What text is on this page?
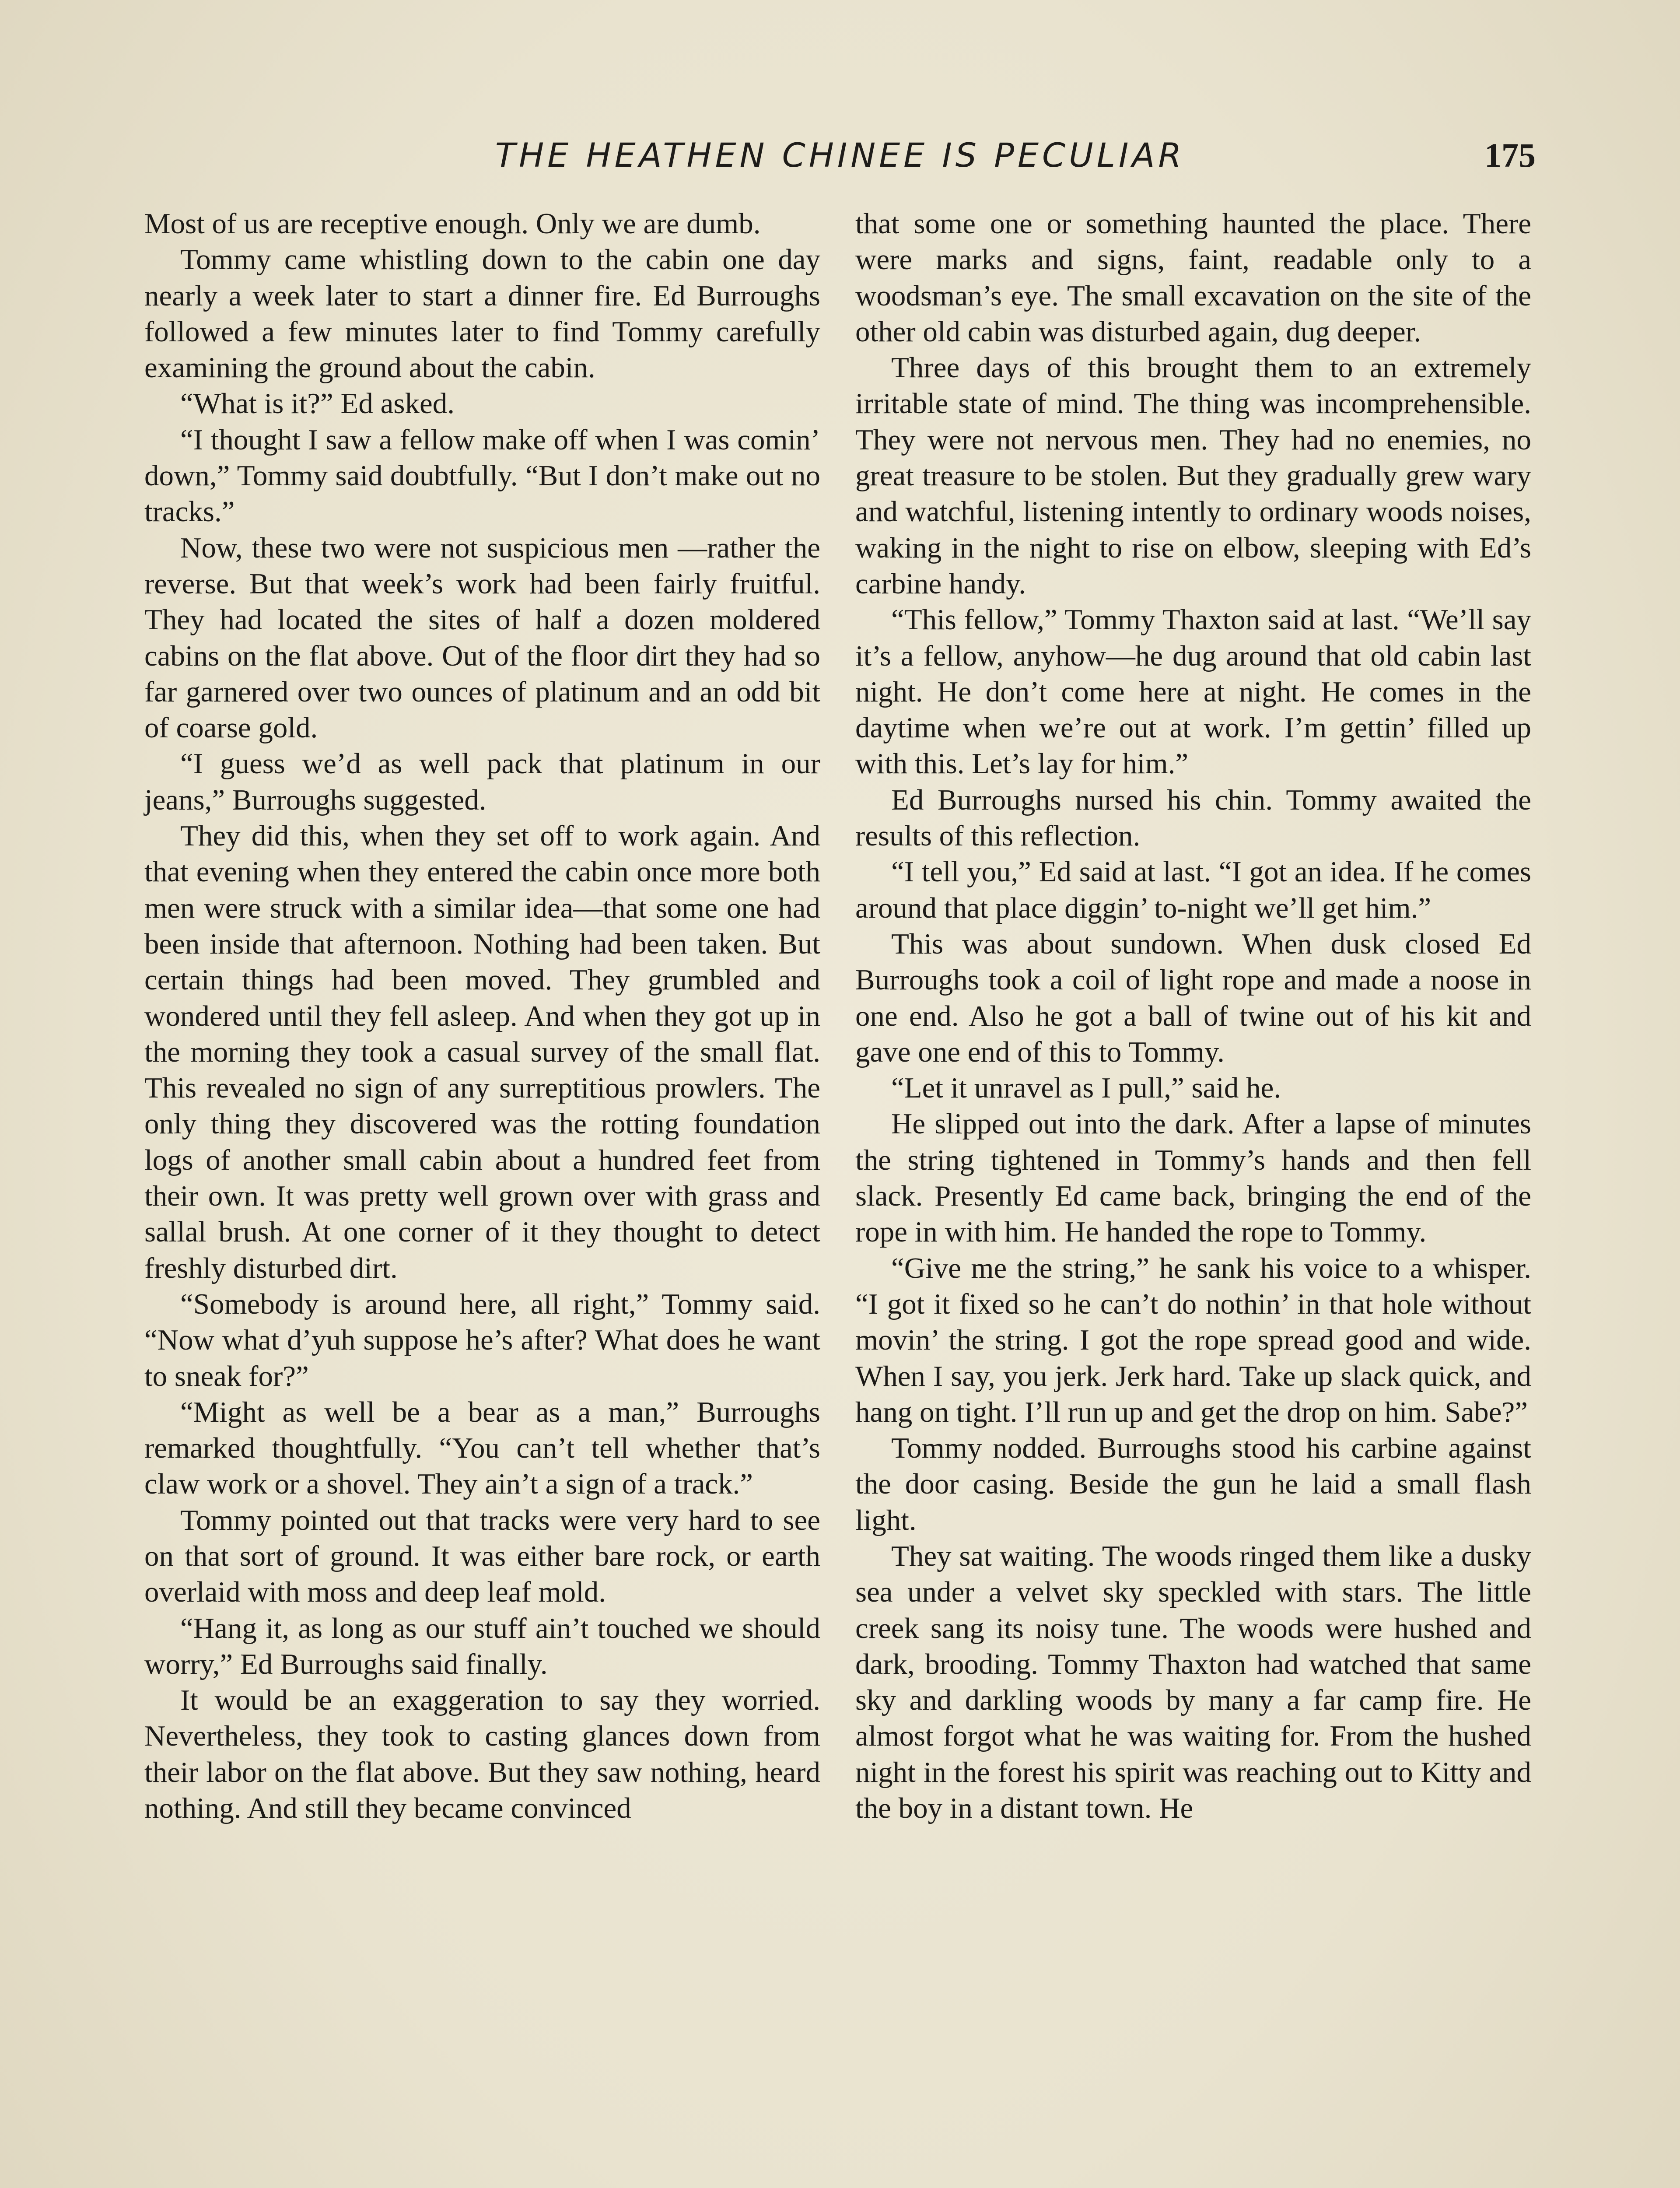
THE HEATHEN CHINEE IS PECULIAR	175

Most of us are receptive enough. Only we are dumb.

Tommy came whistling down to the cabin one day nearly a week later to start a dinner fire. Ed Burroughs followed a few minutes later to find Tommy carefully examining the ground about the cabin.

“What is it?” Ed asked.

“I thought I saw a fellow make off when I was comin’ down,” Tommy said doubtfully. “But I don’t make out no tracks.”

Now, these two were not suspicious men —rather the reverse. But that week’s work had been fairly fruitful. They had located the sites of half a dozen moldered cabins on the flat above. Out of the floor dirt they had so far garnered over two ounces of platinum and an odd bit of coarse gold.

“I guess we’d as well pack that platinum in our jeans,” Burroughs suggested.

They did this, when they set off to work again. And that evening when they entered the cabin once more both men were struck with a similar idea—that some one had been inside that afternoon. Nothing had been taken. But certain things had been moved. They grumbled and wondered until they fell asleep. And when they got up in the morning they took a casual survey of the small flat. This revealed no sign of any surreptitious prowlers. The only thing they discovered was the rotting foundation logs of another small cabin about a hundred feet from their own. It was pretty well grown over with grass and sallal brush. At one corner of it they thought to detect freshly disturbed dirt.

“Somebody is around here, all right,” Tommy said. “Now what d’yuh suppose he’s after? What does he want to sneak for?”

“Might as well be a bear as a man,” Burroughs remarked thoughtfully. “You can’t tell whether that’s claw work or a shovel. They ain’t a sign of a track.”

Tommy pointed out that tracks were very hard to see on that sort of ground. It was either bare rock, or earth overlaid with moss and deep leaf mold.

“Hang it, as long as our stuff ain’t touched we should worry,” Ed Burroughs said finally.

It would be an exaggeration to say they worried. Nevertheless, they took to casting glances down from their labor on the flat above. But they saw nothing, heard nothing. And still they became convinced

that some one or something haunted the place. There were marks and signs, faint, readable only to a woodsman’s eye. The small excavation on the site of the other old cabin was disturbed again, dug deeper.

Three days of this brought them to an extremely irritable state of mind. The thing was incomprehensible. They were not nervous men. They had no enemies, no great treasure to be stolen. But they gradually grew wary and watchful, listening intently to ordinary woods noises, waking in the night to rise on elbow, sleeping with Ed’s carbine handy.

“This fellow,” Tommy Thaxton said at last. “We’ll say it’s a fellow, anyhow—he dug around that old cabin last night. He don’t come here at night. He comes in the daytime when we’re out at work. I’m gettin’ filled up with this. Let’s lay for him.”

Ed Burroughs nursed his chin. Tommy awaited the results of this reflection.

“I tell you,” Ed said at last. “I got an idea. If he comes around that place diggin’ to-night we’ll get him.”

This was about sundown. When dusk closed Ed Burroughs took a coil of light rope and made a noose in one end. Also he got a ball of twine out of his kit and gave one end of this to Tommy.

“Let it unravel as I pull,” said he.

He slipped out into the dark. After a lapse of minutes the string tightened in Tommy’s hands and then fell slack. Presently Ed came back, bringing the end of the rope in with him. He handed the rope to Tommy.

“Give me the string,” he sank his voice to a whisper. “I got it fixed so he can’t do nothin’ in that hole without movin’ the string. I got the rope spread good and wide. When I say, you jerk. Jerk hard. Take up slack quick, and hang on tight. I’ll run up and get the drop on him. Sabe?”

Tommy nodded. Burroughs stood his carbine against the door casing. Beside the gun he laid a small flash light.

They sat waiting. The woods ringed them like a dusky sea under a velvet sky speckled with stars. The little creek sang its noisy tune. The woods were hushed and dark, brooding. Tommy Thaxton had watched that same sky and darkling woods by many a far camp fire. He almost forgot what he was waiting for. From the hushed night in the forest his spirit was reaching out to Kitty and the boy in a distant town. He
